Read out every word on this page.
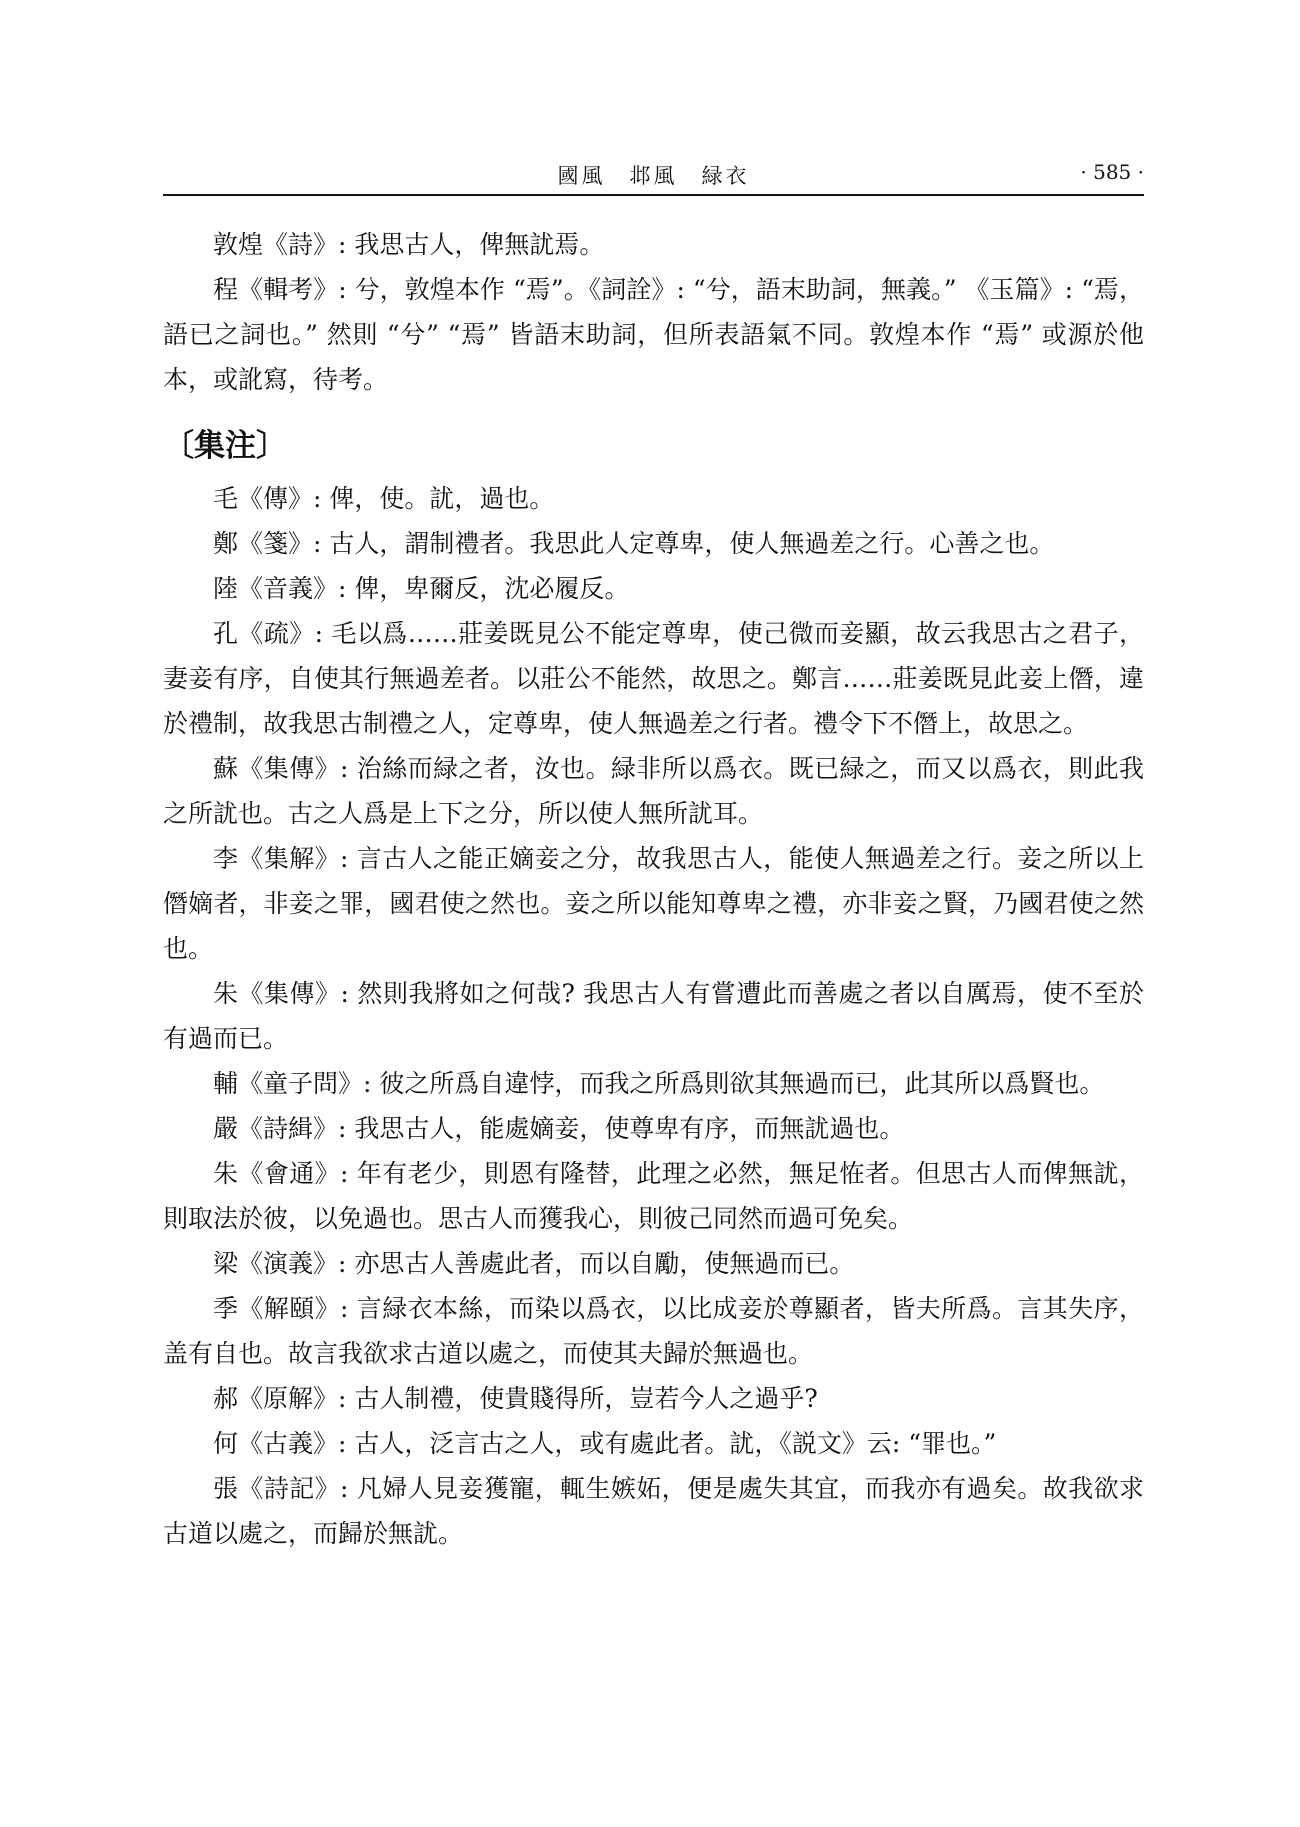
國風　邶風　緑衣	· 585 ·

敦煌《詩》: 我思古人，俾無訧焉。

程《輯考》: 兮，敦煌本作 “焉”。《詞詮》: “兮，語末助詞，無義。” 《玉篇》: “焉，語已之詞也。” 然則 “兮” “焉” 皆語末助詞，但所表語氣不同。敦煌本作 “焉” 或源於他本，或訛寫，待考。

〔集注〕

毛《傳》: 俾，使。訧，過也。

鄭《箋》: 古人，謂制禮者。我思此人定尊卑，使人無過差之行。心善之也。

陸《音義》: 俾，卑爾反，沈必履反。

孔《疏》: 毛以爲……莊姜既見公不能定尊卑，使己微而妾顯，故云我思古之君子，妻妾有序，自使其行無過差者。以莊公不能然，故思之。鄭言……莊姜既見此妾上僭，違於禮制，故我思古制禮之人，定尊卑，使人無過差之行者。禮令下不僭上，故思之。

蘇《集傳》: 治絲而緑之者，汝也。緑非所以爲衣。既已緑之，而又以爲衣，則此我之所訧也。古之人爲是上下之分，所以使人無所訧耳。

李《集解》: 言古人之能正嫡妾之分，故我思古人，能使人無過差之行。妾之所以上僭嫡者，非妾之罪，國君使之然也。妾之所以能知尊卑之禮，亦非妾之賢，乃國君使之然也。

朱《集傳》: 然則我將如之何哉? 我思古人有嘗遭此而善處之者以自厲焉，使不至於有過而已。

輔《童子問》: 彼之所爲自違悖，而我之所爲則欲其無過而已，此其所以爲賢也。

嚴《詩緝》: 我思古人，能處嫡妾，使尊卑有序，而無訧過也。

朱《會通》: 年有老少，則恩有隆替，此理之必然，無足恠者。但思古人而俾無訧，則取法於彼，以免過也。思古人而獲我心，則彼己同然而過可免矣。

梁《演義》: 亦思古人善處此者，而以自勵，使無過而已。

季《解頤》: 言緑衣本絲，而染以爲衣，以比成妾於尊顯者，皆夫所爲。言其失序，盖有自也。故言我欲求古道以處之，而使其夫歸於無過也。

郝《原解》: 古人制禮，使貴賤得所，豈若今人之過乎?

何《古義》: 古人，泛言古之人，或有處此者。訧，《説文》云: “罪也。”

張《詩記》: 凡婦人見妾獲寵，輒生嫉妬，便是處失其宜，而我亦有過矣。故我欲求古道以處之，而歸於無訧。
